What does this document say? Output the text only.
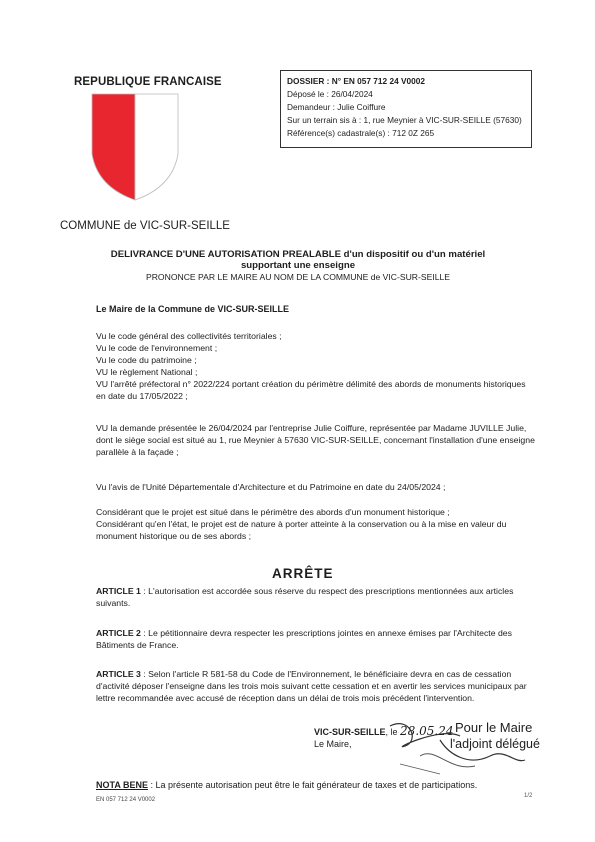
REPUBLIQUE FRANCAISE
COMMUNE de VIC-SUR-SEILLE
DOSSIER : N° EN 057 712 24 V0002
Déposé le : 26/04/2024
Demandeur : Julie Coiffure
Sur un terrain sis à : 1, rue Meynier à VIC-SUR-SEILLE (57630)
Référence(s) cadastrale(s) : 712 0Z 265
DELIVRANCE D'UNE AUTORISATION PREALABLE d'un dispositif ou d'un matériel supportant une enseigne
PRONONCE PAR LE MAIRE AU NOM DE LA COMMUNE de VIC-SUR-SEILLE
Le Maire de la Commune de VIC-SUR-SEILLE
Vu le code général des collectivités territoriales ;
Vu le code de l'environnement ;
Vu le code du patrimoine ;
VU le règlement National ;
VU l'arrêté préfectoral n° 2022/224 portant création du périmètre délimité des abords de monuments historiques en date du 17/05/2022 ;
VU la demande présentée le 26/04/2024 par l'entreprise Julie Coiffure, représentée par Madame JUVILLE Julie, dont le siège social est situé au 1, rue Meynier à 57630 VIC-SUR-SEILLE, concernant l'installation d'une enseigne parallèle à la façade ;
Vu l'avis de l'Unité Départementale d'Architecture et du Patrimoine en date du 24/05/2024 ;
Considérant que le projet est situé dans le périmètre des abords d'un monument historique ;
Considérant qu'en l'état, le projet est de nature à porter atteinte à la conservation ou à la mise en valeur du monument historique ou de ses abords ;
ARRÊTE
ARTICLE 1 : L'autorisation est accordée sous réserve du respect des prescriptions mentionnées aux articles suivants.
ARTICLE 2 : Le pétitionnaire devra respecter les prescriptions jointes en annexe émises par l'Architecte des Bâtiments de France.
ARTICLE 3 : Selon l'article R 581-58 du Code de l'Environnement, le bénéficiaire devra en cas de cessation d'activité déposer l'enseigne dans les trois mois suivant cette cessation et en avertir les services municipaux par lettre recommandée avec accusé de réception dans un délai de trois mois précédent l'intervention.
VIC-SUR-SEILLE, le 28.05.24
Le Maire,
Pour le Maire
l'adjoint délégué
NOTA BENE : La présente autorisation peut être le fait générateur de taxes et de participations.
EN 057 712 24 V0002
1/2
